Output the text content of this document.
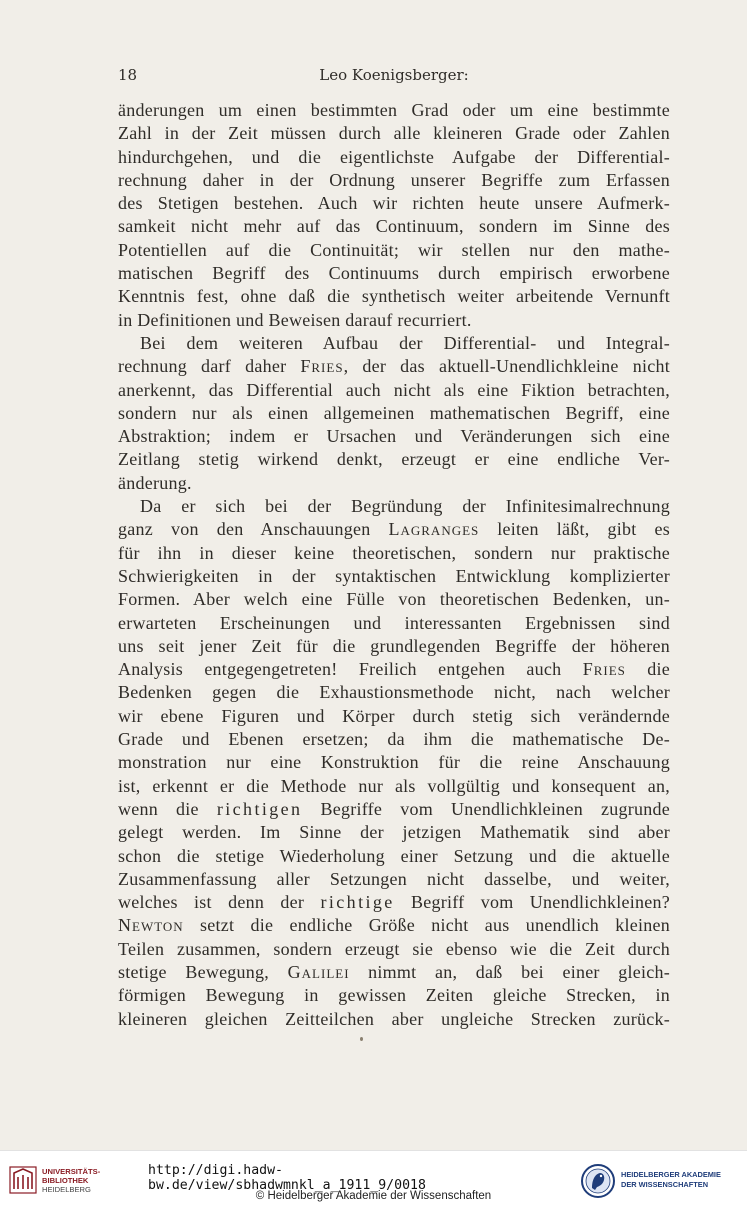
18	Leo Koenigsberger:
änderungen um einen bestimmten Grad oder um eine bestimmte
Zahl in der Zeit müssen durch alle kleineren Grade oder Zahlen
hindurchgehen, und die eigentlichste Aufgabe der Differential-
rechnung daher in der Ordnung unserer Begriffe zum Erfassen
des Stetigen bestehen. Auch wir richten heute unsere Aufmerk-
samkeit nicht mehr auf das Continuum, sondern im Sinne des
Potentiellen auf die Continuität; wir stellen nur den mathe-
matischen Begriff des Continuums durch empirisch erworbene
Kenntnis fest, ohne daß die synthetisch weiter arbeitende Vernunft
in Definitionen und Beweisen darauf recurriert.
Bei dem weiteren Aufbau der Differential- und Integral-
rechnung darf daher Fries, der das aktuell-Unendlichkleine nicht
anerkennt, das Differential auch nicht als eine Fiktion betrachten,
sondern nur als einen allgemeinen mathematischen Begriff, eine
Abstraktion; indem er Ursachen und Veränderungen sich eine
Zeitlang stetig wirkend denkt, erzeugt er eine endliche Ver-
änderung.
Da er sich bei der Begründung der Infinitesimalrechnung
ganz von den Anschauungen Lagranges leiten läßt, gibt es
für ihn in dieser keine theoretischen, sondern nur praktische
Schwierigkeiten in der syntaktischen Entwicklung komplizierter
Formen. Aber welch eine Fülle von theoretischen Bedenken, un-
erwarteten Erscheinungen und interessanten Ergebnissen sind
uns seit jener Zeit für die grundlegenden Begriffe der höheren
Analysis entgegengetreten! Freilich entgehen auch Fries die
Bedenken gegen die Exhaustionsmethode nicht, nach welcher
wir ebene Figuren und Körper durch stetig sich verändernde
Grade und Ebenen ersetzen; da ihm die mathematische De-
monstration nur eine Konstruktion für die reine Anschauung
ist, erkennt er die Methode nur als vollgültig und konsequent an,
wenn die richtigen Begriffe vom Unendlichkleinen zugrunde
gelegt werden. Im Sinne der jetzigen Mathematik sind aber
schon die stetige Wiederholung einer Setzung und die aktuelle
Zusammenfassung aller Setzungen nicht dasselbe, und weiter,
welches ist denn der richtige Begriff vom Unendlichkleinen?
Newton setzt die endliche Größe nicht aus unendlich kleinen
Teilen zusammen, sondern erzeugt sie ebenso wie die Zeit durch
stetige Bewegung, Galilei nimmt an, daß bei einer gleich-
förmigen Bewegung in gewissen Zeiten gleiche Strecken, in
kleineren gleichen Zeitteilchen aber ungleiche Strecken zurück-
UNIVERSITÄTS-
BIBLIOTHEK
HEIDELBERG
http://digi.hadw-bw.de/view/sbhadwmnkl_a_1911_9/0018
© Heidelberger Akademie der Wissenschaften
HEIDELBERGER AKADEMIE
DER WISSENSCHAFTEN
